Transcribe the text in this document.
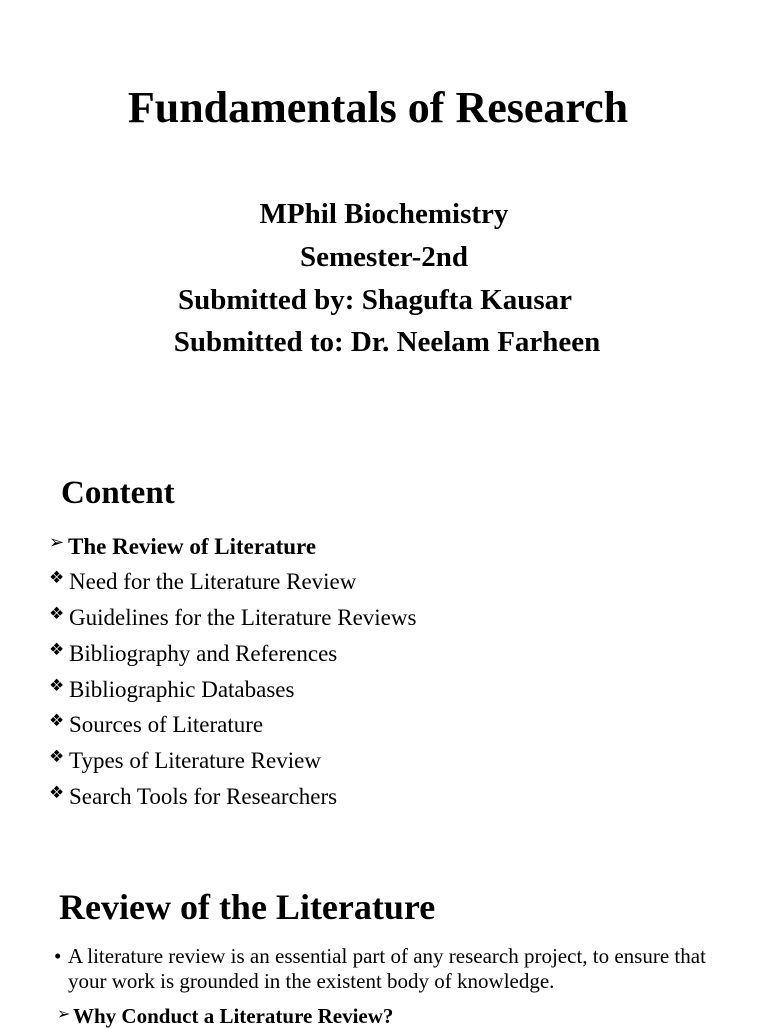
Fundamentals of Research
MPhil Biochemistry
Semester-2nd
Submitted by: Shagufta Kausar
Submitted to: Dr. Neelam Farheen
Content
➢ The Review of Literature
❖ Need for the Literature Review
❖ Guidelines for the Literature Reviews
❖ Bibliography and References
❖ Bibliographic Databases
❖ Sources of Literature
❖ Types of Literature Review
❖ Search Tools for Researchers
Review of the Literature
• A literature review is an essential part of any research project, to ensure that your work is grounded in the existent body of knowledge.
➢ Why Conduct a Literature Review?
